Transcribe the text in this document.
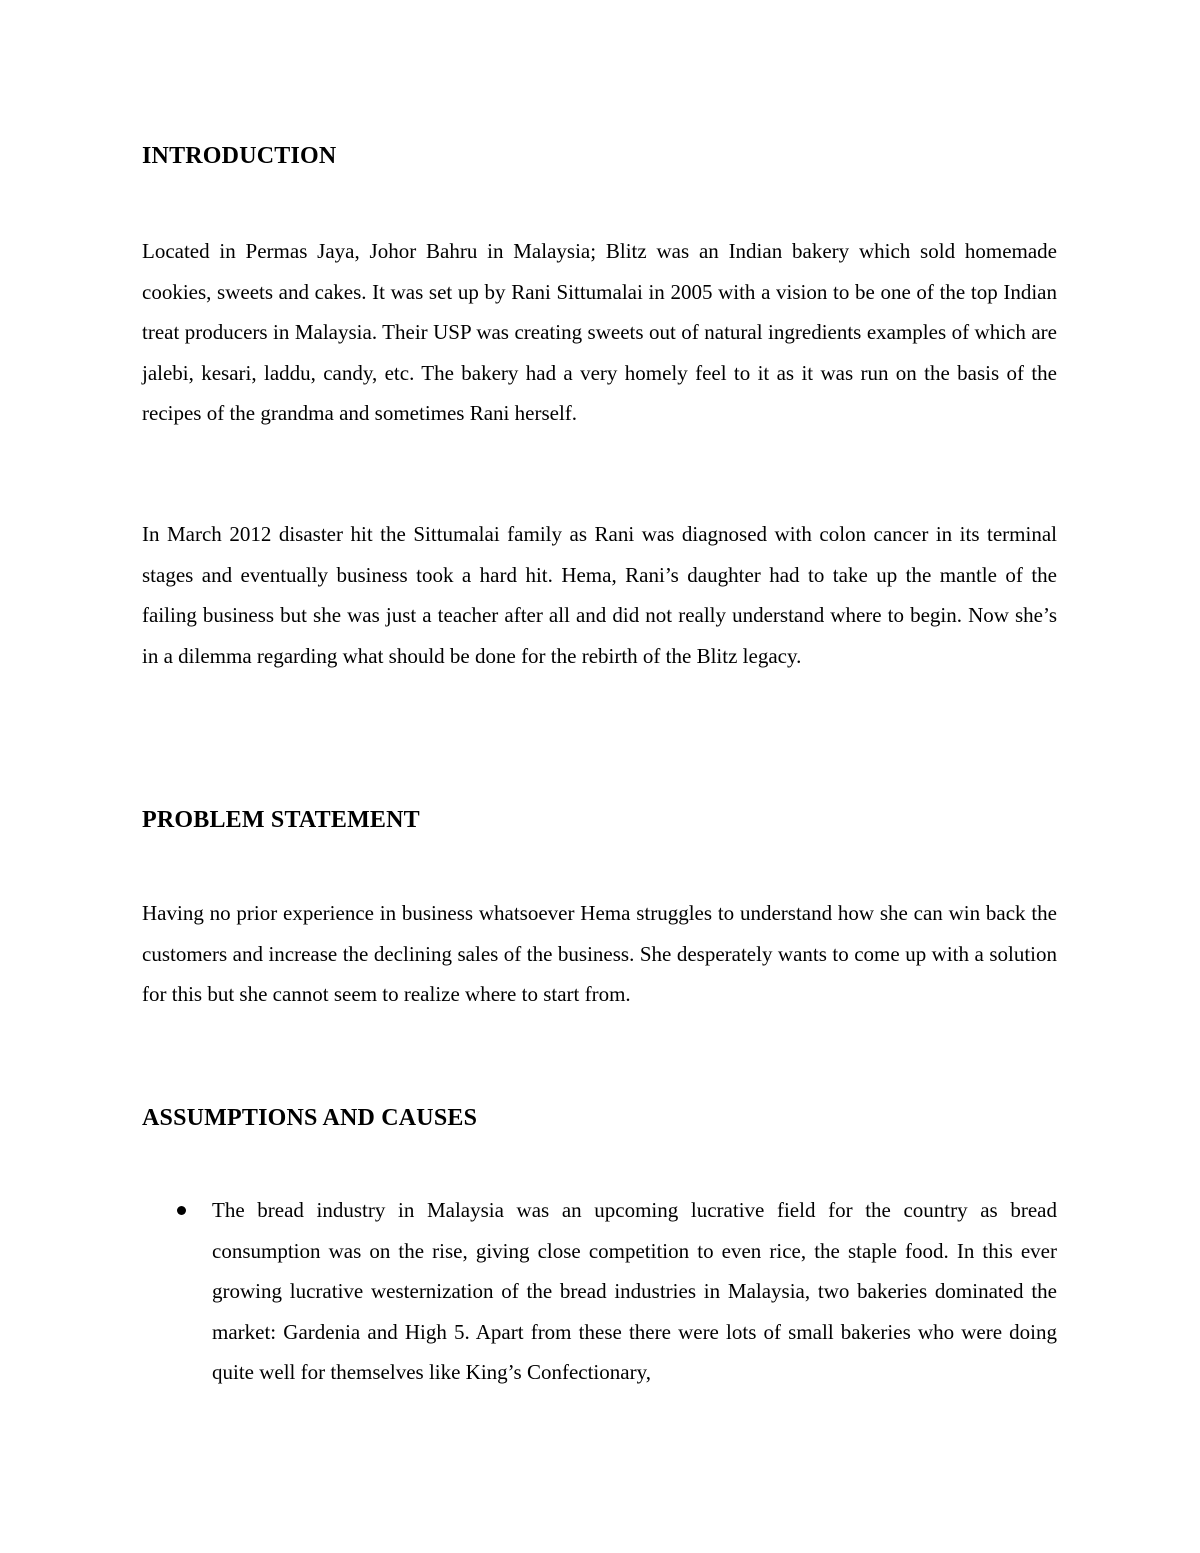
INTRODUCTION

Located in Permas Jaya, Johor Bahru in Malaysia; Blitz was an Indian bakery which sold homemade cookies, sweets and cakes. It was set up by Rani Sittumalai in 2005 with a vision to be one of the top Indian treat producers in Malaysia. Their USP was creating sweets out of natural ingredients examples of which are jalebi, kesari, laddu, candy, etc. The bakery had a very homely feel to it as it was run on the basis of the recipes of the grandma and sometimes Rani herself.

In March 2012 disaster hit the Sittumalai family as Rani was diagnosed with colon cancer in its terminal stages and eventually business took a hard hit. Hema, Rani’s daughter had to take up the mantle of the failing business but she was just a teacher after all and did not really understand where to begin. Now she’s in a dilemma regarding what should be done for the rebirth of the Blitz legacy.

PROBLEM STATEMENT

Having no prior experience in business whatsoever Hema struggles to understand how she can win back the customers and increase the declining sales of the business. She desperately wants to come up with a solution for this but she cannot seem to realize where to start from.

ASSUMPTIONS AND CAUSES
The bread industry in Malaysia was an upcoming lucrative field for the country as bread consumption was on the rise, giving close competition to even rice, the staple food. In this ever growing lucrative westernization of the bread industries in Malaysia, two bakeries dominated the market: Gardenia and High 5. Apart from these there were lots of small bakeries who were doing quite well for themselves like King’s Confectionary,
